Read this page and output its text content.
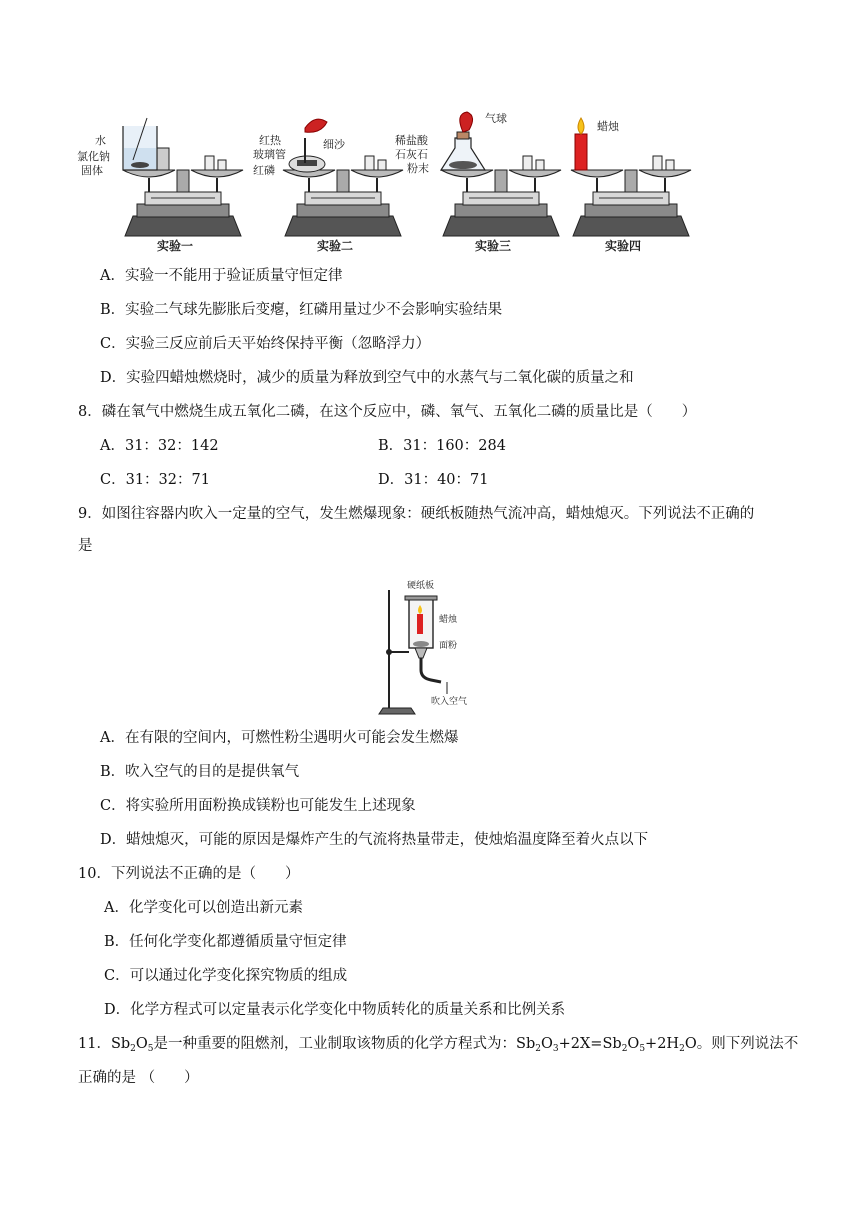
水
氯化钠
固体
实验一
红热
玻璃管
红磷
细沙
实验二
气球
稀盐酸
石灰石
粉末
实验三
蜡烛
实验四
A．实验一不能用于验证质量守恒定律
B．实验二气球先膨胀后变瘪，红磷用量过少不会影响实验结果
C．实验三反应前后天平始终保持平衡（忽略浮力）
D．实验四蜡烛燃烧时，减少的质量为释放到空气中的水蒸气与二氧化碳的质量之和
8．磷在氧气中燃烧生成五氧化二磷，在这个反应中，磷、氧气、五氧化二磷的质量比是（　　）
A．31：32：142	B．31：160：284
C．31：32：71	D．31：40：71
9．如图往容器内吹入一定量的空气，发生燃爆现象：硬纸板随热气流冲高，蜡烛熄灭。下列说法不正确的
是
硬纸板
蜡烛
面粉
吹入空气
A．在有限的空间内，可燃性粉尘遇明火可能会发生燃爆
B．吹入空气的目的是提供氧气
C．将实验所用面粉换成镁粉也可能发生上述现象
D．蜡烛熄灭，可能的原因是爆炸产生的气流将热量带走，使烛焰温度降至着火点以下
10．下列说法不正确的是（　　）
A．化学变化可以创造出新元素
B．任何化学变化都遵循质量守恒定律
C．可以通过化学变化探究物质的组成
D．化学方程式可以定量表示化学变化中物质转化的质量关系和比例关系
11．$Sb_2O_5$是一种重要的阻燃剂，工业制取该物质的化学方程式为：$Sb_2O_3+2X=Sb_2O_5+2H_2O$。则下列说法不
正确的是 （　　）
